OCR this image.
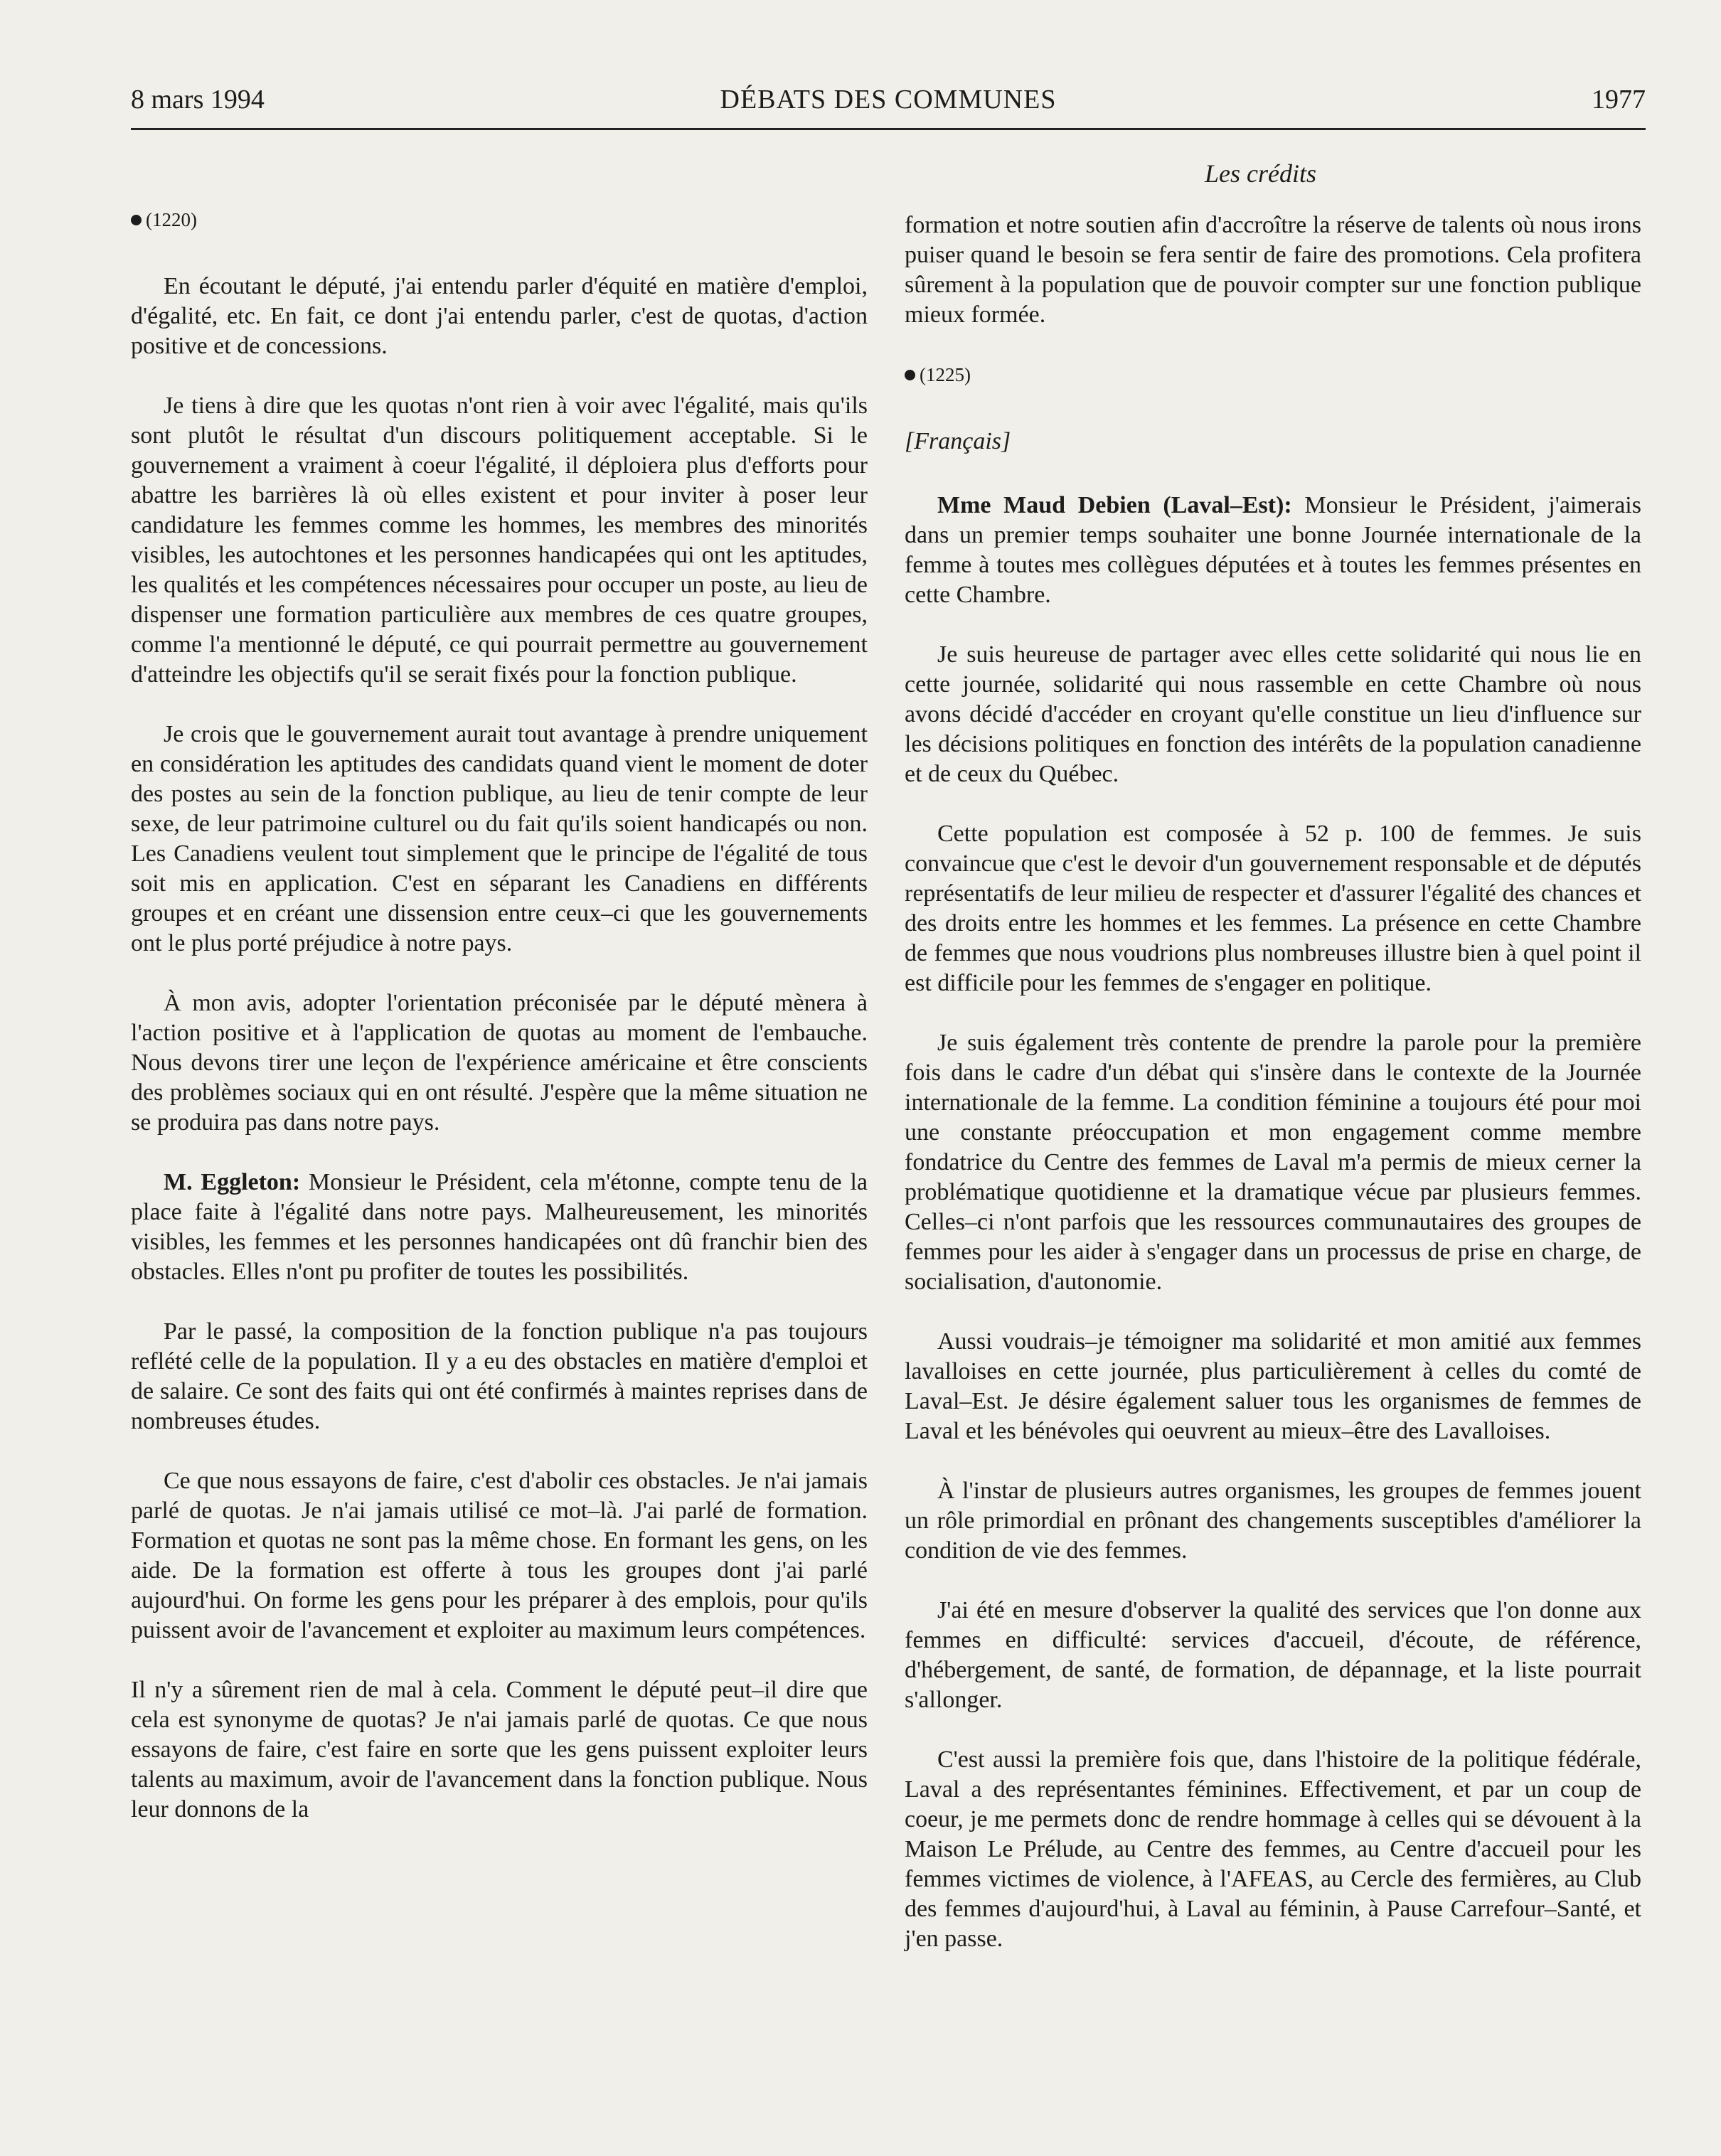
8 mars 1994	DÉBATS DES COMMUNES	1977
Les crédits
(1220)

En écoutant le député, j'ai entendu parler d'équité en matière d'emploi, d'égalité, etc. En fait, ce dont j'ai entendu parler, c'est de quotas, d'action positive et de concessions.

Je tiens à dire que les quotas n'ont rien à voir avec l'égalité, mais qu'ils sont plutôt le résultat d'un discours politiquement acceptable. Si le gouvernement a vraiment à coeur l'égalité, il déploiera plus d'efforts pour abattre les barrières là où elles existent et pour inviter à poser leur candidature les femmes comme les hommes, les membres des minorités visibles, les autochtones et les personnes handicapées qui ont les aptitudes, les qualités et les compétences nécessaires pour occuper un poste, au lieu de dispenser une formation particulière aux membres de ces quatre groupes, comme l'a mentionné le député, ce qui pourrait permettre au gouvernement d'atteindre les objectifs qu'il se serait fixés pour la fonction publique.

Je crois que le gouvernement aurait tout avantage à prendre uniquement en considération les aptitudes des candidats quand vient le moment de doter des postes au sein de la fonction publique, au lieu de tenir compte de leur sexe, de leur patrimoine culturel ou du fait qu'ils soient handicapés ou non. Les Canadiens veulent tout simplement que le principe de l'égalité de tous soit mis en application. C'est en séparant les Canadiens en différents groupes et en créant une dissension entre ceux–ci que les gouvernements ont le plus porté préjudice à notre pays.

À mon avis, adopter l'orientation préconisée par le député mènera à l'action positive et à l'application de quotas au moment de l'embauche. Nous devons tirer une leçon de l'expérience américaine et être conscients des problèmes sociaux qui en ont résulté. J'espère que la même situation ne se produira pas dans notre pays.

M. Eggleton: Monsieur le Président, cela m'étonne, compte tenu de la place faite à l'égalité dans notre pays. Malheureusement, les minorités visibles, les femmes et les personnes handicapées ont dû franchir bien des obstacles. Elles n'ont pu profiter de toutes les possibilités.

Par le passé, la composition de la fonction publique n'a pas toujours reflété celle de la population. Il y a eu des obstacles en matière d'emploi et de salaire. Ce sont des faits qui ont été confirmés à maintes reprises dans de nombreuses études.

Ce que nous essayons de faire, c'est d'abolir ces obstacles. Je n'ai jamais parlé de quotas. Je n'ai jamais utilisé ce mot–là. J'ai parlé de formation. Formation et quotas ne sont pas la même chose. En formant les gens, on les aide. De la formation est offerte à tous les groupes dont j'ai parlé aujourd'hui. On forme les gens pour les préparer à des emplois, pour qu'ils puissent avoir de l'avancement et exploiter au maximum leurs compétences.

Il n'y a sûrement rien de mal à cela. Comment le député peut–il dire que cela est synonyme de quotas? Je n'ai jamais parlé de quotas. Ce que nous essayons de faire, c'est faire en sorte que les gens puissent exploiter leurs talents au maximum, avoir de l'avancement dans la fonction publique. Nous leur donnons de la

formation et notre soutien afin d'accroître la réserve de talents où nous irons puiser quand le besoin se fera sentir de faire des promotions. Cela profitera sûrement à la population que de pouvoir compter sur une fonction publique mieux formée.

(1225)
[Français]

Mme Maud Debien (Laval–Est): Monsieur le Président, j'aimerais dans un premier temps souhaiter une bonne Journée internationale de la femme à toutes mes collègues députées et à toutes les femmes présentes en cette Chambre.

Je suis heureuse de partager avec elles cette solidarité qui nous lie en cette journée, solidarité qui nous rassemble en cette Chambre où nous avons décidé d'accéder en croyant qu'elle constitue un lieu d'influence sur les décisions politiques en fonction des intérêts de la population canadienne et de ceux du Québec.

Cette population est composée à 52 p. 100 de femmes. Je suis convaincue que c'est le devoir d'un gouvernement responsable et de députés représentatifs de leur milieu de respecter et d'assurer l'égalité des chances et des droits entre les hommes et les femmes. La présence en cette Chambre de femmes que nous voudrions plus nombreuses illustre bien à quel point il est difficile pour les femmes de s'engager en politique.

Je suis également très contente de prendre la parole pour la première fois dans le cadre d'un débat qui s'insère dans le contexte de la Journée internationale de la femme. La condition féminine a toujours été pour moi une constante préoccupation et mon engagement comme membre fondatrice du Centre des femmes de Laval m'a permis de mieux cerner la problématique quotidienne et la dramatique vécue par plusieurs femmes. Celles–ci n'ont parfois que les ressources communautaires des groupes de femmes pour les aider à s'engager dans un processus de prise en charge, de socialisation, d'autonomie.

Aussi voudrais–je témoigner ma solidarité et mon amitié aux femmes lavalloises en cette journée, plus particulièrement à celles du comté de Laval–Est. Je désire également saluer tous les organismes de femmes de Laval et les bénévoles qui oeuvrent au mieux–être des Lavalloises.

À l'instar de plusieurs autres organismes, les groupes de femmes jouent un rôle primordial en prônant des changements susceptibles d'améliorer la condition de vie des femmes.

J'ai été en mesure d'observer la qualité des services que l'on donne aux femmes en difficulté: services d'accueil, d'écoute, de référence, d'hébergement, de santé, de formation, de dépannage, et la liste pourrait s'allonger.

C'est aussi la première fois que, dans l'histoire de la politique fédérale, Laval a des représentantes féminines. Effectivement, et par un coup de coeur, je me permets donc de rendre hommage à celles qui se dévouent à la Maison Le Prélude, au Centre des femmes, au Centre d'accueil pour les femmes victimes de violence, à l'AFEAS, au Cercle des fermières, au Club des femmes d'aujourd'hui, à Laval au féminin, à Pause Carrefour–Santé, et j'en passe.
